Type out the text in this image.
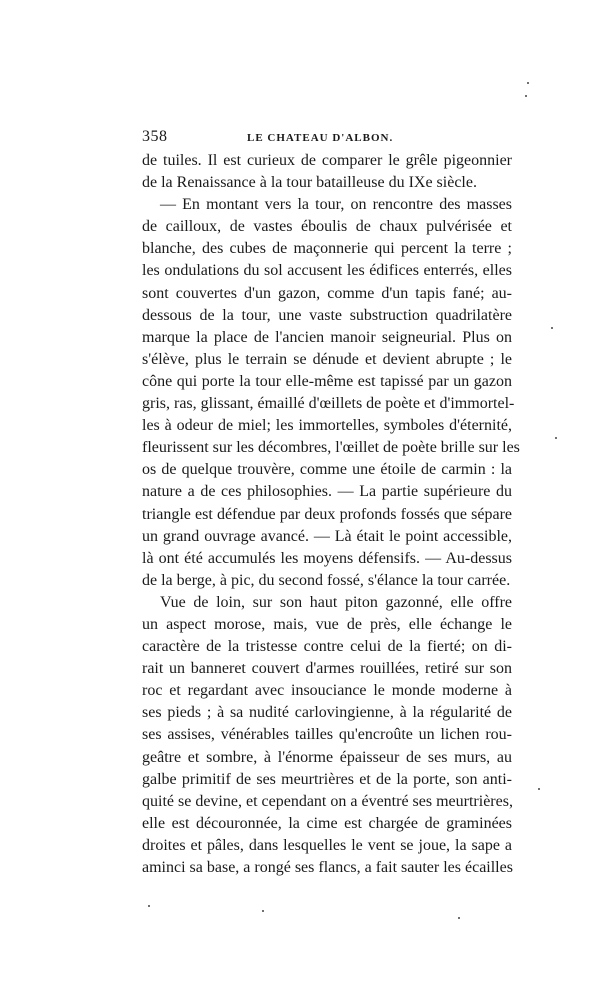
358	LE CHATEAU D'ALBON.
de tuiles. Il est curieux de comparer le grêle pigeonnier
de la Renaissance à la tour batailleuse du IXe siècle.
— En montant vers la tour, on rencontre des masses
de cailloux, de vastes éboulis de chaux pulvérisée et
blanche, des cubes de maçonnerie qui percent la terre ;
les ondulations du sol accusent les édifices enterrés, elles
sont couvertes d'un gazon, comme d'un tapis fané; au-
dessous de la tour, une vaste substruction quadrilatère
marque la place de l'ancien manoir seigneurial. Plus on
s'élève, plus le terrain se dénude et devient abrupte ; le
cône qui porte la tour elle-même est tapissé par un gazon
gris, ras, glissant, émaillé d'œillets de poète et d'immortel-
les à odeur de miel; les immortelles, symboles d'éternité,
fleurissent sur les décombres, l'œillet de poète brille sur les
os de quelque trouvère, comme une étoile de carmin : la
nature a de ces philosophies. — La partie supérieure du
triangle est défendue par deux profonds fossés que sépare
un grand ouvrage avancé. — Là était le point accessible,
là ont été accumulés les moyens défensifs. — Au-dessus
de la berge, à pic, du second fossé, s'élance la tour carrée.
Vue de loin, sur son haut piton gazonné, elle offre
un aspect morose, mais, vue de près, elle échange le
caractère de la tristesse contre celui de la fierté; on di-
rait un banneret couvert d'armes rouillées, retiré sur son
roc et regardant avec insouciance le monde moderne à
ses pieds ; à sa nudité carlovingienne, à la régularité de
ses assises, vénérables tailles qu'encroûte un lichen rou-
geâtre et sombre, à l'énorme épaisseur de ses murs, au
galbe primitif de ses meurtrières et de la porte, son anti-
quité se devine, et cependant on a éventré ses meurtrières,
elle est découronnée, la cime est chargée de graminées
droites et pâles, dans lesquelles le vent se joue, la sape a
aminci sa base, a rongé ses flancs, a fait sauter les écailles
